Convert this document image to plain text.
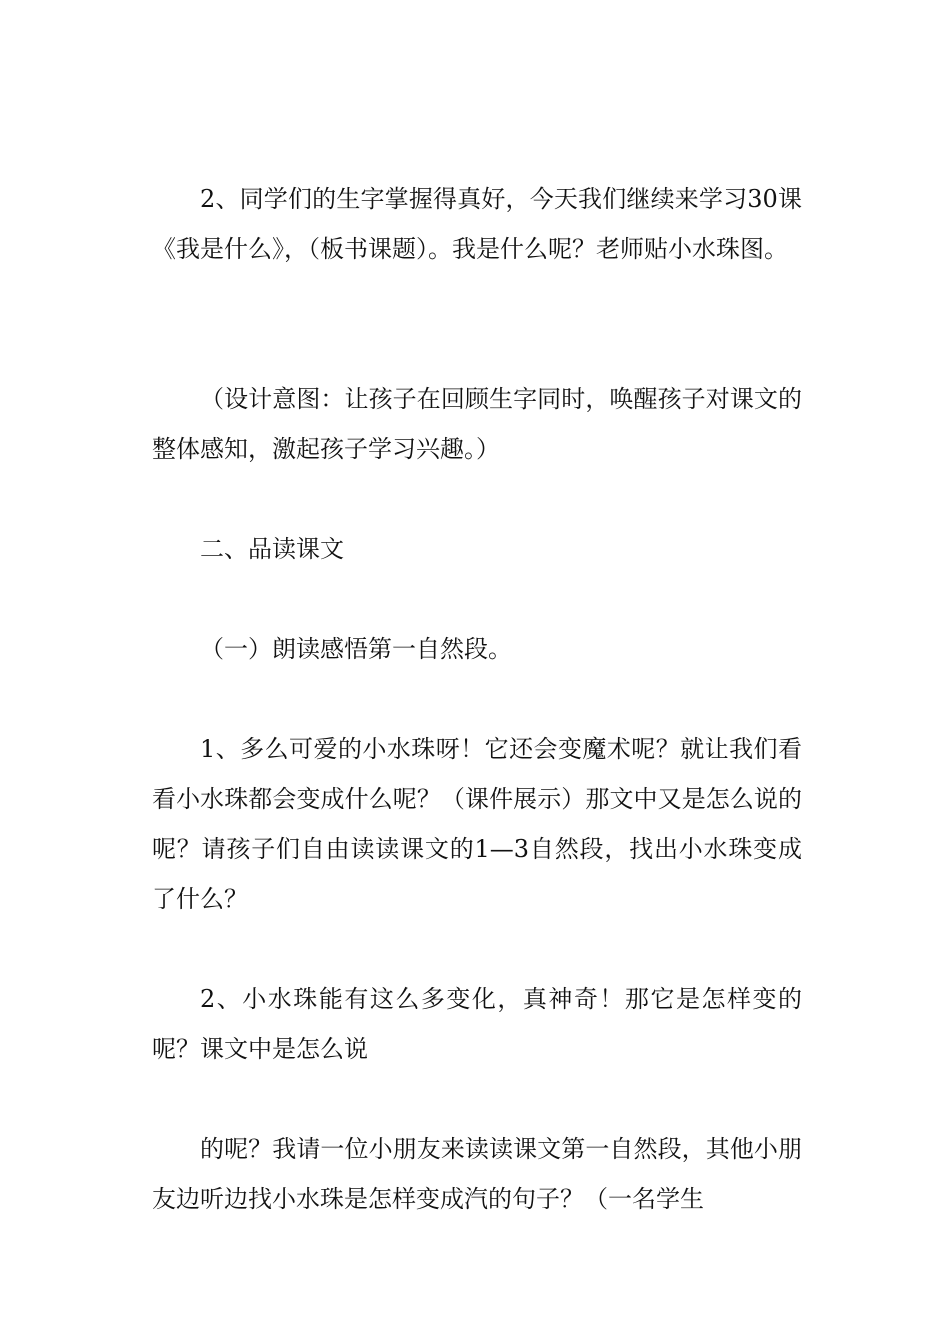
2、同学们的生字掌握得真好，今天我们继续来学习30课《我是什么》，（板书课题）。我是什么呢？老师贴小水珠图。

（设计意图：让孩子在回顾生字同时，唤醒孩子对课文的整体感知，激起孩子学习兴趣。）

二、品读课文

（一）朗读感悟第一自然段。

1、多么可爱的小水珠呀！它还会变魔术呢？就让我们看看小水珠都会变成什么呢？（课件展示）那文中又是怎么说的呢？请孩子们自由读读课文的1—3自然段，找出小水珠变成了什么？

2、小水珠能有这么多变化，真神奇！那它是怎样变的呢？课文中是怎么说

的呢？我请一位小朋友来读读课文第一自然段，其他小朋友边听边找小水珠是怎样变成汽的句子？（一名学生
